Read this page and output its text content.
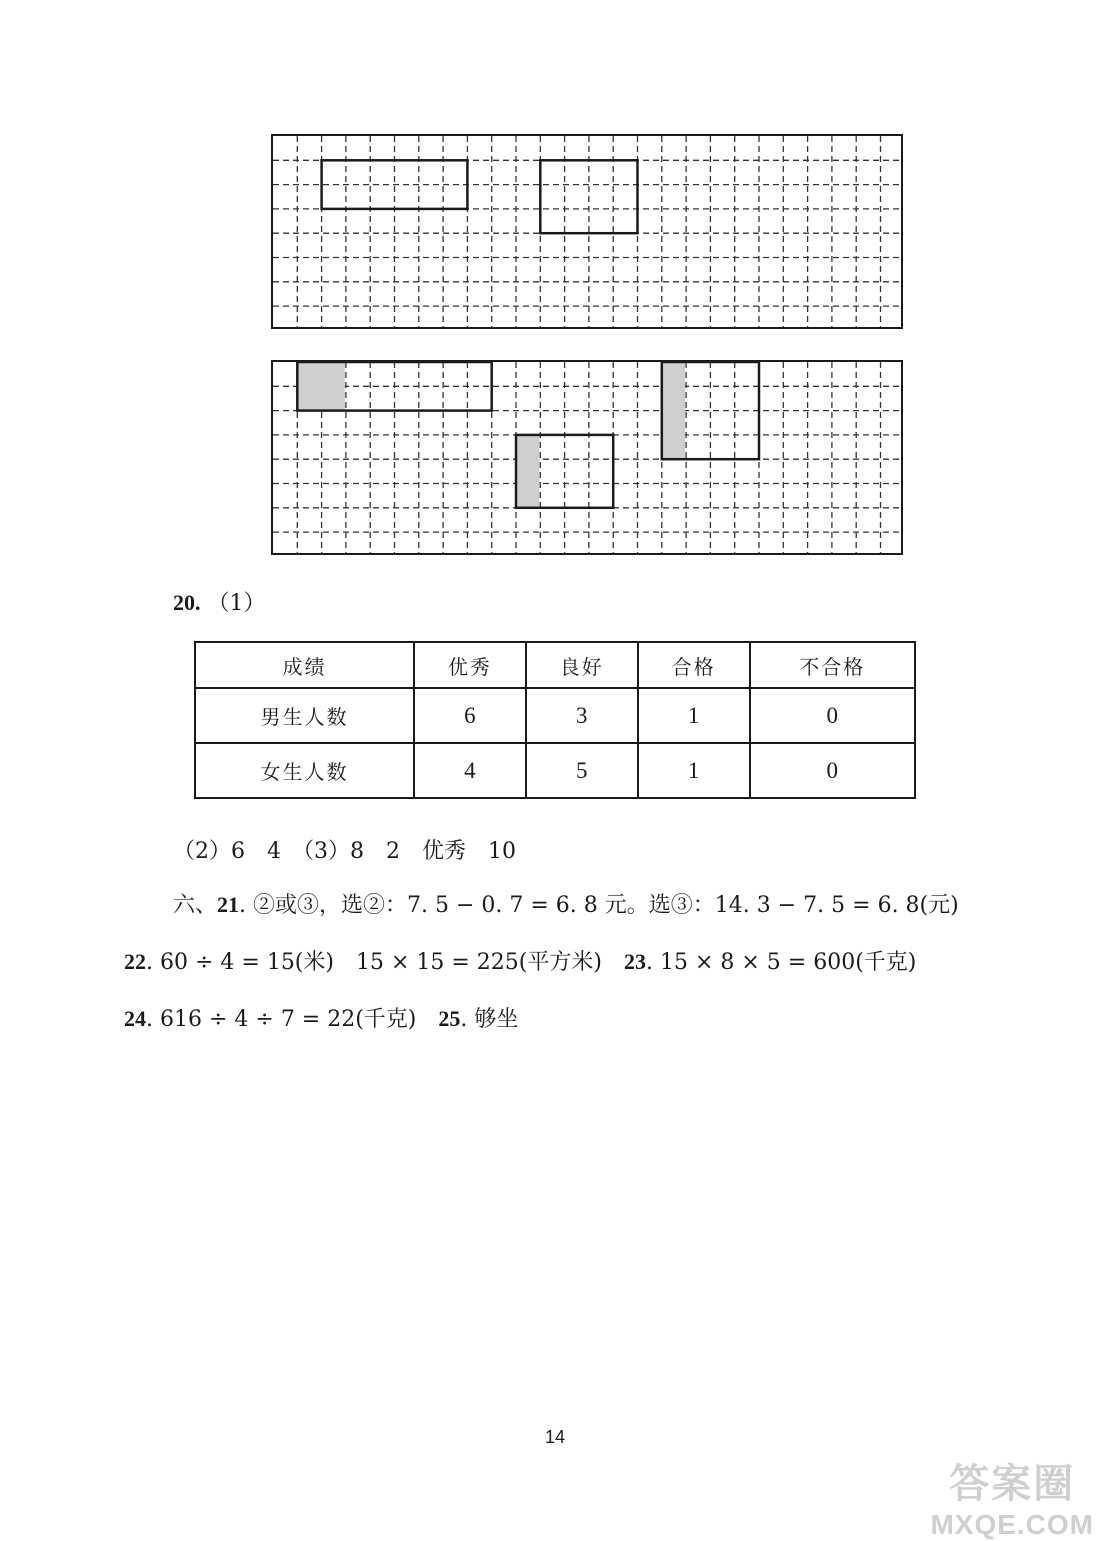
20. （1）
成绩	优秀	良好	合格	不合格
男生人数	6	3	1	0
女生人数	4	5	1	0
（2）6　4　（3）8　2　优秀　10
六、21. ②或③，选②：7. 5 − 0. 7 = 6. 8 元。选③：14. 3 − 7. 5 = 6. 8(元)
22. 60 ÷ 4 = 15(米)　15 × 15 = 225(平方米)　23. 15 × 8 × 5 = 600(千克)
24. 616 ÷ 4 ÷ 7 = 22(千克)　25. 够坐
14
答案圈
MXQE.COM
